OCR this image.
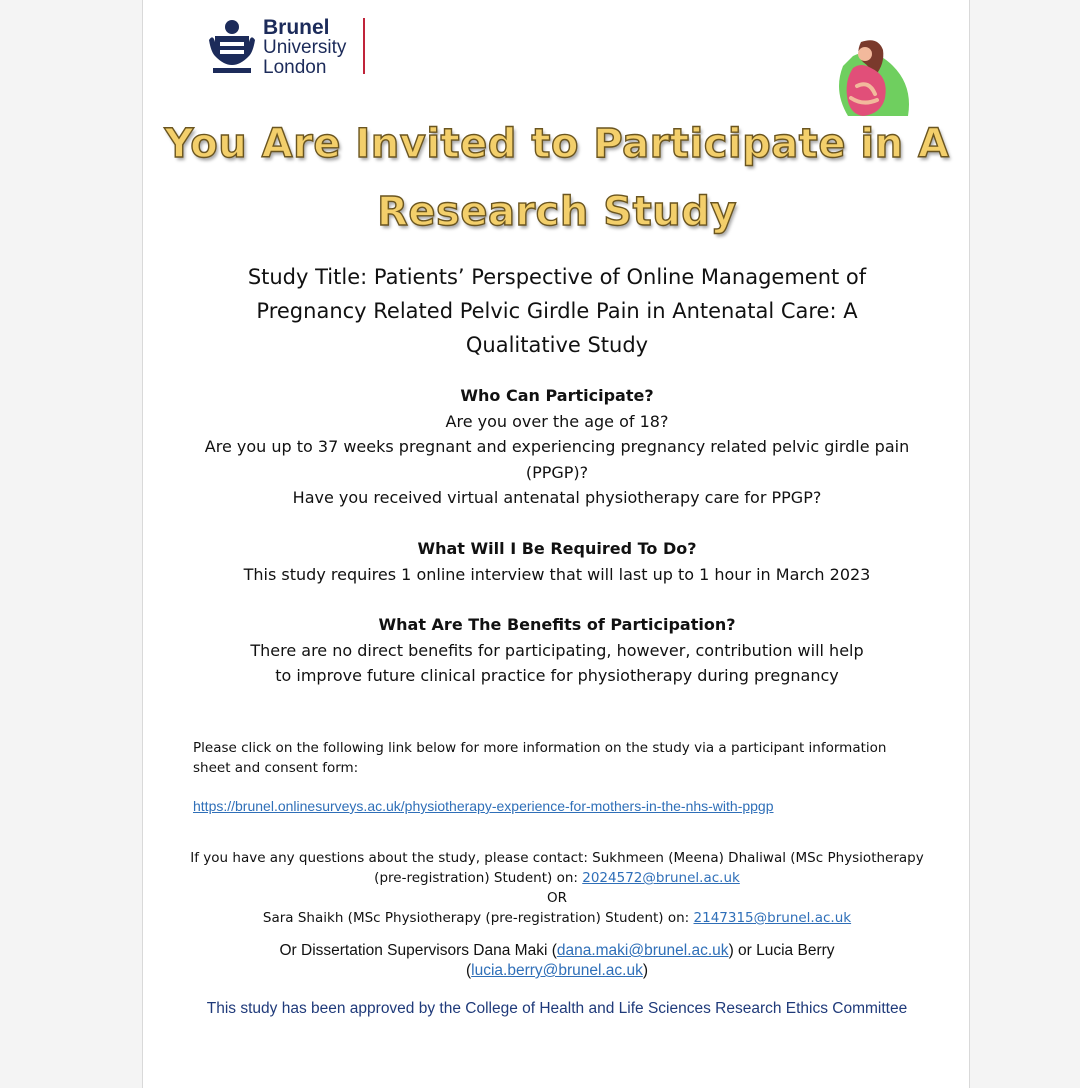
Brunel
University
London
You Are Invited to Participate in A
Research Study
Study Title: Patients’ Perspective of Online Management of
Pregnancy Related Pelvic Girdle Pain in Antenatal Care: A
Qualitative Study
Who Can Participate?

Are you over the age of 18?

Are you up to 37 weeks pregnant and experiencing pregnancy related pelvic girdle pain

(PPGP)?

Have you received virtual antenatal physiotherapy care for PPGP?

What Will I Be Required To Do?

This study requires 1 online interview that will last up to 1 hour in March 2023

What Are The Benefits of Participation?

There are no direct benefits for participating, however, contribution will help to improve future clinical practice for physiotherapy during pregnancy

Please click on the following link below for more information on the study via a participant information sheet and consent form:
https://brunel.onlinesurveys.ac.uk/physiotherapy-experience-for-mothers-in-the-nhs-with-ppgp
If you have any questions about the study, please contact: Sukhmeen (Meena) Dhaliwal (MSc Physiotherapy
(pre-registration) Student) on: 2024572@brunel.ac.uk
OR
Sara Shaikh (MSc Physiotherapy (pre-registration) Student) on: 2147315@brunel.ac.uk
Or Dissertation Supervisors Dana Maki (dana.maki@brunel.ac.uk) or Lucia Berry
(lucia.berry@brunel.ac.uk)
This study has been approved by the College of Health and Life Sciences Research Ethics Committee
